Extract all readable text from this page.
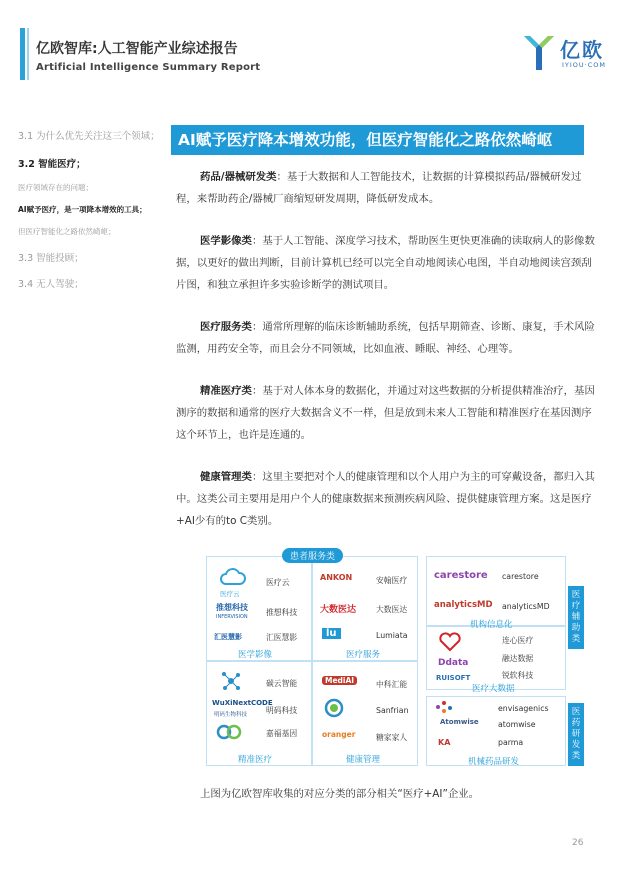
亿欧智库:人工智能产业综述报告
Artificial Intelligence Summary Report
亿欧
IYIOU·COM
3.1 为什么优先关注这三个领域；
3.2 智能医疗；
医疗领域存在的问题；
AI赋予医疗，是一项降本增效的工具；
但医疗智能化之路依然崎岖；
3.3 智能投顾；
3.4 无人驾驶；
AI赋予医疗降本增效功能，但医疗智能化之路依然崎岖
药品/器械研发类：基于大数据和人工智能技术，让数据的计算模拟药品/器械研发过程，来帮助药企/器械厂商缩短研发周期，降低研发成本。
医学影像类：基于人工智能、深度学习技术，帮助医生更快更准确的读取病人的影像数据，以更好的做出判断，目前计算机已经可以完全自动地阅读心电图，半自动地阅读宫颈刮片图，和独立承担许多实验诊断学的测试项目。
医疗服务类：通常所理解的临床诊断辅助系统，包括早期筛查、诊断、康复，手术风险监测，用药安全等，而且会分不同领域，比如血液、睡眠、神经、心理等。
精准医疗类：基于对人体本身的数据化，并通过对这些数据的分析提供精准治疗，基因测序的数据和通常的医疗大数据含义不一样，但是放到未来人工智能和精准医疗在基因测序这个环节上，也许是连通的。
健康管理类：这里主要把对个人的健康管理和以个人用户为主的可穿戴设备，都归入其中。这类公司主要用是用户个人的健康数据来预测疾病风险、提供健康管理方案。这是医疗+AI少有的to C类别。
患者服务类
医疗云
医疗云
推想科技
INFERVISION 推想科技
汇医慧影	汇医慧影
医学影像
ANKON	安翰医疗
大数医达	大数医达
lu	Lumiata
医疗服务
碳云智能
WuXiNextCODE
明码生物科技 明码科技
嘉福基因
精准医疗
MediAI	中科汇能
Sanfrian
oranger	糖家家人
健康管理
医疗辅助类
医药研发类
carestore carestore
analyticsMD analyticsMD
机构信息化
连心医疗
Ddata	融达数据
RUISOFT	锐软科技
医疗大数据
envisagenics
Atomwise atomwise
KA	parma
机械药品研发
上图为亿欧智库收集的对应分类的部分相关“医疗+AI”企业。
26
